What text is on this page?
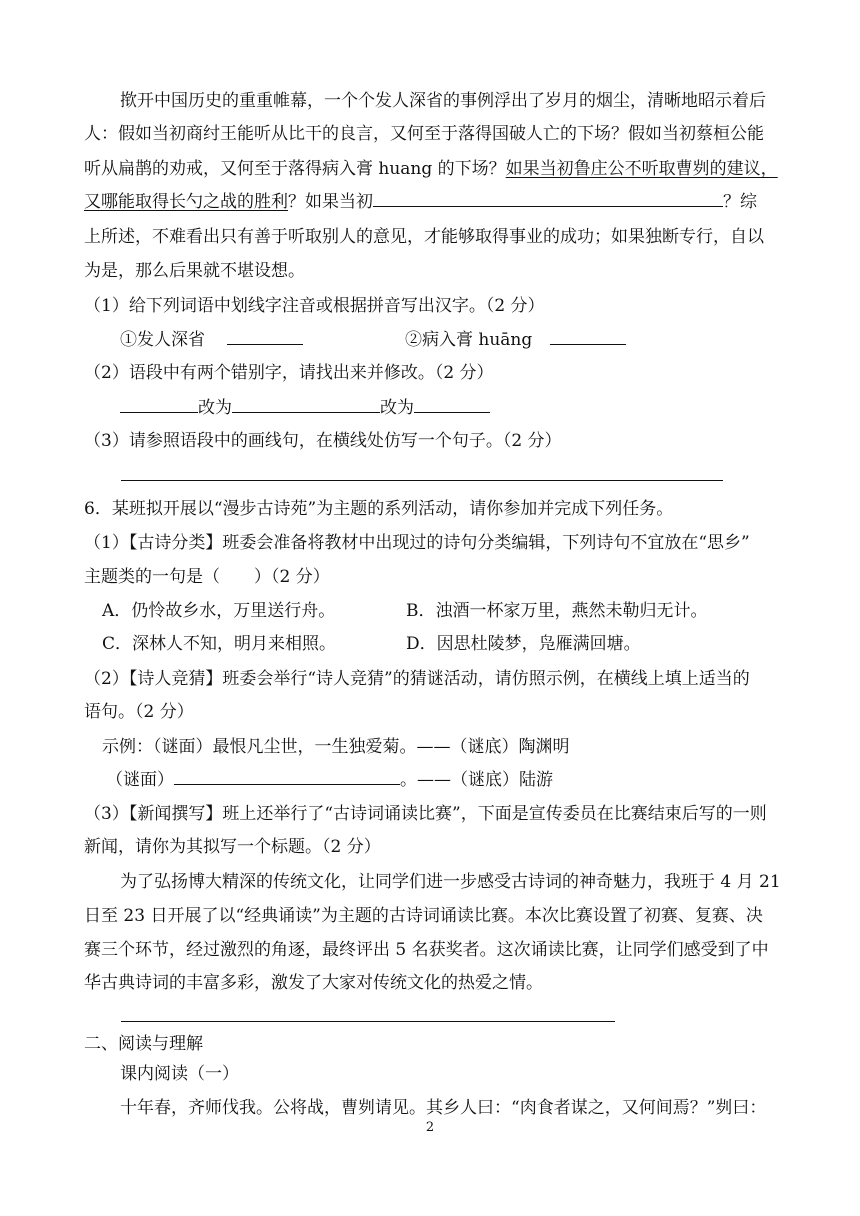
揿开中国历史的重重帷幕，一个个发人深省的事例浮出了岁月的烟尘，清晰地昭示着后
人：假如当初商纣王能听从比干的良言，又何至于落得国破人亡的下场？假如当初蔡桓公能
听从扁鹊的劝戒，又何至于落得病入膏 huang 的下场？如果当初鲁庄公不听取曹刿的建议，
又哪能取得长勺之战的胜利？如果当初	？综
上所述，不难看出只有善于听取别人的意见，才能够取得事业的成功；如果独断专行，自以
为是，那么后果就不堪设想。
（1）给下列词语中划线字注音或根据拼音写出汉字。（2 分）
①发人深省	②病入膏 huāng
（2）语段中有两个错别字，请找出来并修改。（2 分）
改为	改为
（3）请参照语段中的画线句，在横线处仿写一个句子。（2 分）
6．某班拟开展以“漫步古诗苑”为主题的系列活动，请你参加并完成下列任务。
（1）【古诗分类】班委会准备将教材中出现过的诗句分类编辑，下列诗句不宜放在“思乡”
主题类的一句是（　　）（2 分）
A．仍怜故乡水，万里送行舟。	B．浊酒一杯家万里，燕然未勒归无计。
C．深林人不知，明月来相照。	D．因思杜陵梦，凫雁满回塘。
（2）【诗人竞猜】班委会举行“诗人竞猜”的猜谜活动，请仿照示例，在横线上填上适当的
语句。（2 分）
示例：（谜面）最恨凡尘世，一生独爱菊。——（谜底）陶渊明
（谜面）	。——（谜底）陆游
（3）【新闻撰写】班上还举行了“古诗词诵读比赛”，下面是宣传委员在比赛结束后写的一则
新闻，请你为其拟写一个标题。（2 分）
为了弘扬博大精深的传统文化，让同学们进一步感受古诗词的神奇魅力，我班于 4 月 21
日至 23 日开展了以“经典诵读”为主题的古诗词诵读比赛。本次比赛设置了初赛、复赛、决
赛三个环节，经过激烈的角逐，最终评出 5 名获奖者。这次诵读比赛，让同学们感受到了中
华古典诗词的丰富多彩，激发了大家对传统文化的热爱之情。
二、阅读与理解
课内阅读（一）
十年春，齐师伐我。公将战，曹刿请见。其乡人曰：“肉食者谋之，又何间焉？”刿曰：
2
